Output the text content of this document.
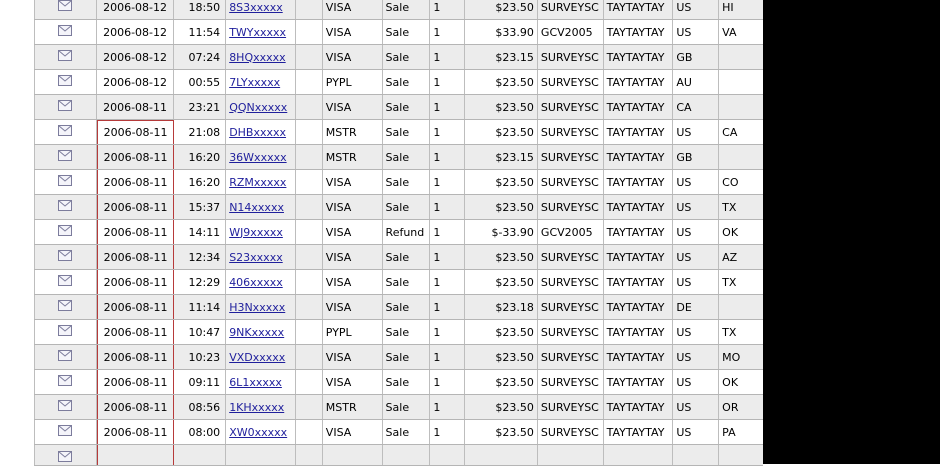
2006-08-12	18:50 8S3xxxxx	VISA	Sale	1	$23.50 SURVEYSC TAYTAYTAY	US	HI
2006-08-12	11:54 TWYxxxxx	VISA	Sale	1	$33.90 GCV2005	TAYTAYTAY	US	VA
2006-08-12	07:24 8HQxxxxx	VISA	Sale	1	$23.15 SURVEYSC TAYTAYTAY	GB
2006-08-12	00:55 7LYxxxxx	PYPL	Sale	1	$23.50 SURVEYSC TAYTAYTAY	AU
2006-08-11	23:21 QQNxxxxx	VISA	Sale	1	$23.50 SURVEYSC TAYTAYTAY	CA
2006-08-11	21:08 DHBxxxxx	MSTR	Sale	1	$23.50 SURVEYSC TAYTAYTAY	US	CA
2006-08-11	16:20 36Wxxxxx	MSTR	Sale	1	$23.15 SURVEYSC TAYTAYTAY	GB
2006-08-11	16:20 RZMxxxxx	VISA	Sale	1	$23.50 SURVEYSC TAYTAYTAY	US	CO
2006-08-11	15:37 N14xxxxx	VISA	Sale	1	$23.50 SURVEYSC TAYTAYTAY	US	TX
2006-08-11	14:11 WJ9xxxxx	VISA	Refund 1	$-33.90 GCV2005	TAYTAYTAY	US	OK
2006-08-11	12:34 S23xxxxx	VISA	Sale	1	$23.50 SURVEYSC TAYTAYTAY	US	AZ
2006-08-11	12:29 406xxxxx	VISA	Sale	1	$23.50 SURVEYSC TAYTAYTAY	US	TX
2006-08-11	11:14 H3Nxxxxx	VISA	Sale	1	$23.18 SURVEYSC TAYTAYTAY	DE
2006-08-11	10:47 9NKxxxxx	PYPL	Sale	1	$23.50 SURVEYSC TAYTAYTAY	US	TX
2006-08-11	10:23 VXDxxxxx	VISA	Sale	1	$23.50 SURVEYSC TAYTAYTAY	US	MO
2006-08-11	09:11 6L1xxxxx	VISA	Sale	1	$23.50 SURVEYSC TAYTAYTAY	US	OK
2006-08-11	08:56 1KHxxxxx	MSTR	Sale	1	$23.50 SURVEYSC TAYTAYTAY	US	OR
2006-08-11	08:00 XW0xxxxx	VISA	Sale	1	$23.50 SURVEYSC TAYTAYTAY	US	PA
